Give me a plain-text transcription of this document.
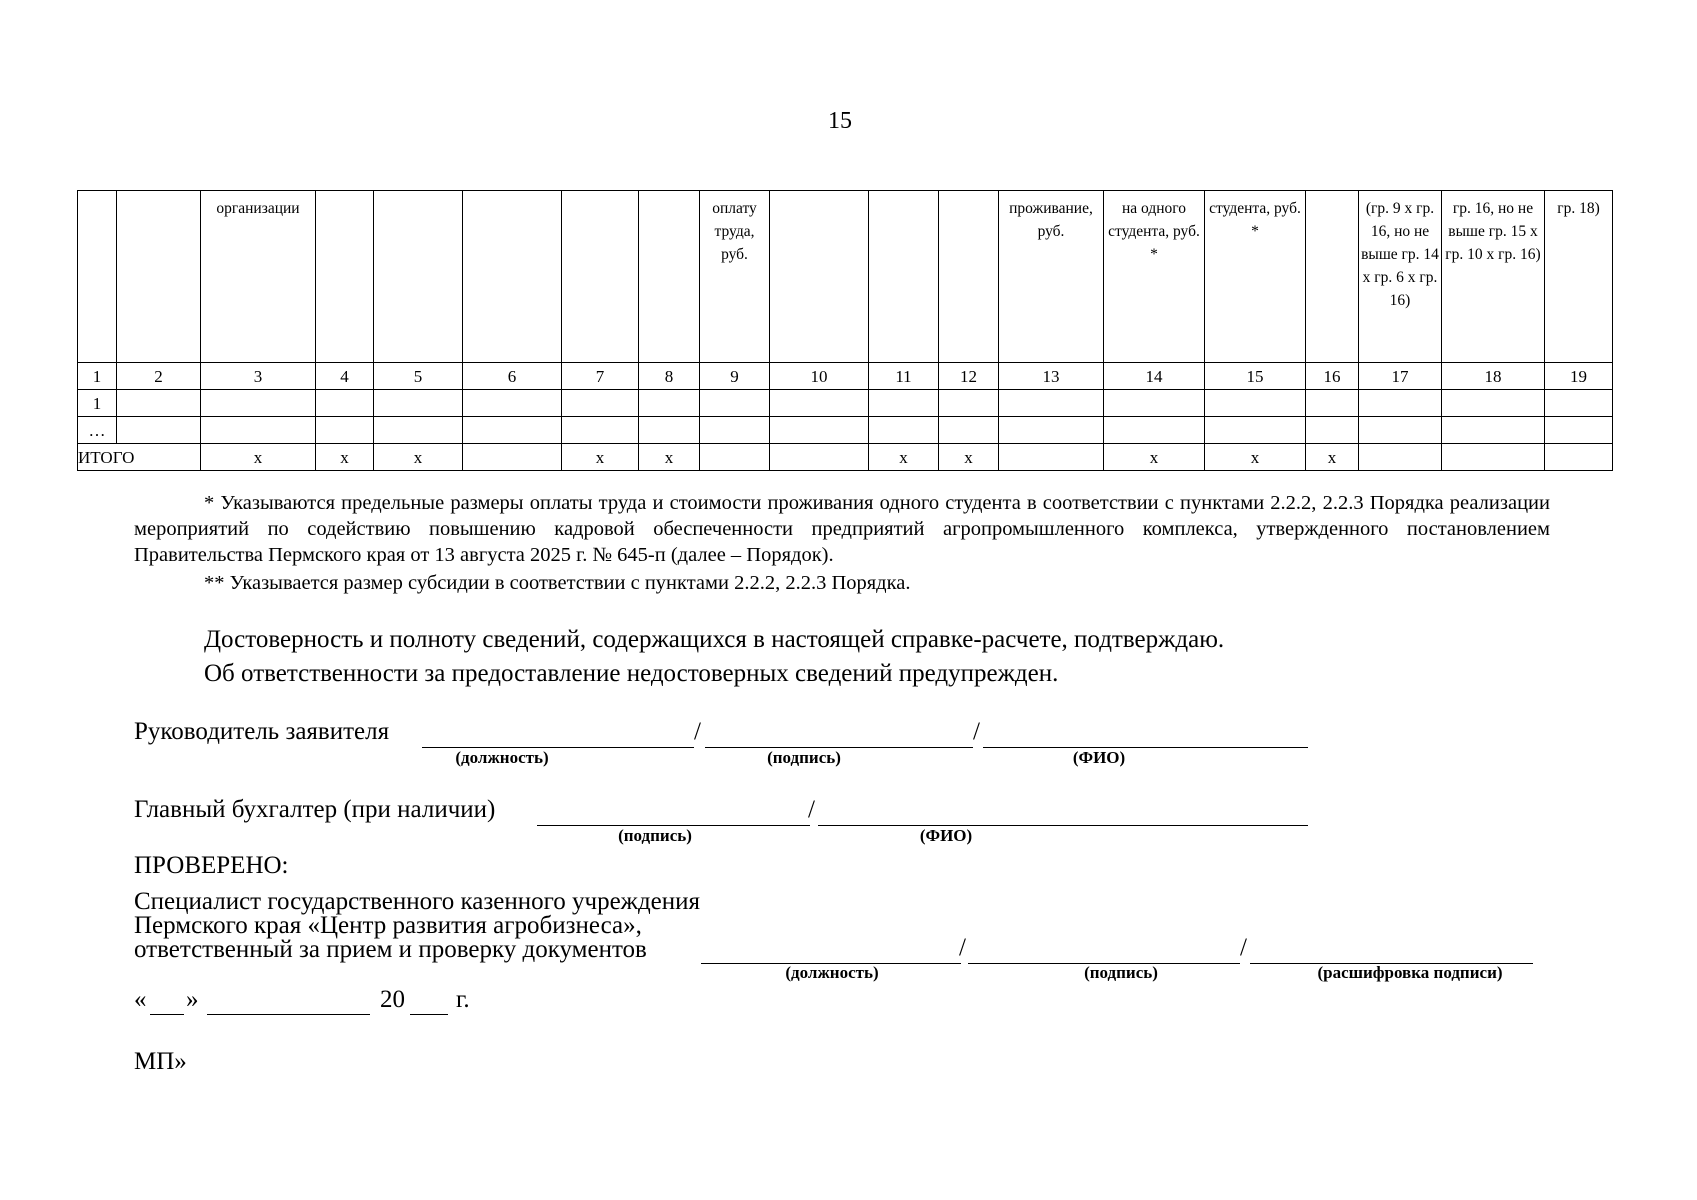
15
		организации						оплату труда, руб.				проживание, руб.	на одного студента, руб. *	студента, руб. *		(гр. 9 х гр. 16, но не выше гр. 14 х гр. 6 х гр. 16)	гр. 16, но не выше гр. 15 х гр. 10 х гр. 16)	гр. 18)
1	2	3	4	5	6	7	8	9	10	11	12	13	14	15	16	17	18	19
1																		
…																		
ИТОГО		x	x	x		x	x			x	x		x	x	x			
* Указываются предельные размеры оплаты труда и стоимости проживания одного студента в соответствии с пунктами 2.2.2, 2.2.3 Порядка реализации мероприятий по содействию повышению кадровой обеспеченности предприятий агропромышленного комплекса, утвержденного постановлением Правительства Пермского края от 13 августа 2025 г. № 645-п (далее – Порядок).
** Указывается размер субсидии в соответствии с пунктами 2.2.2, 2.2.3 Порядка.
Достоверность и полноту сведений, содержащихся в настоящей справке-расчете, подтверждаю.
Об ответственности за предоставление недостоверных сведений предупрежден.
Руководитель заявителя	/	/
(должность)	(подпись)	(ФИО)
Главный бухгалтер (при наличии)	/
(подпись)	(ФИО)
ПРОВЕРЕНО:
Специалист государственного казенного учреждения
Пермского края «Центр развития агробизнеса»,
ответственный за прием и проверку документов	/	/
(должность)	(подпись)	(расшифровка подписи)
« »	20 г.
МП»
